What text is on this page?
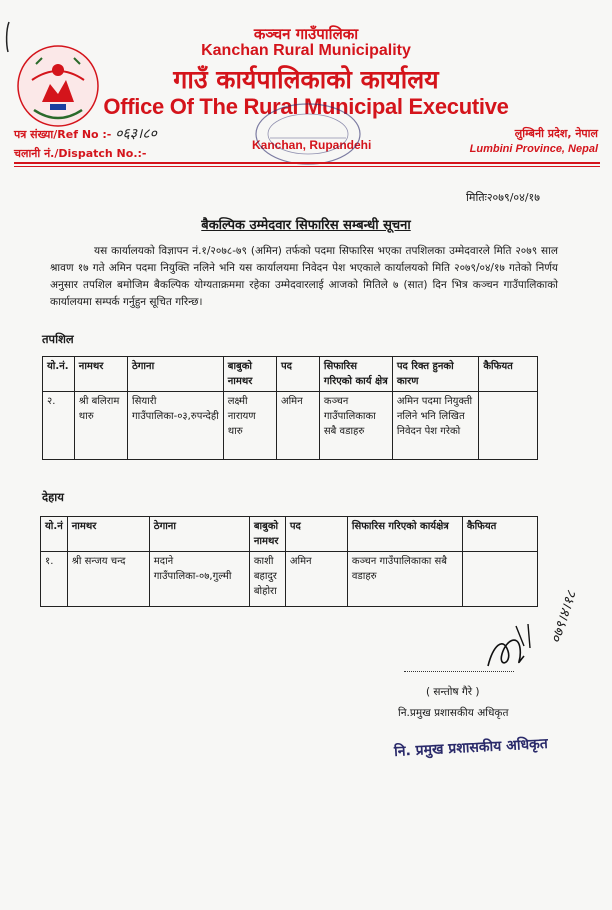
कञ्चन गाउँपालिका
Kanchan Rural Municipality
गाउँ कार्यपालिकाको कार्यालय
Office Of The Rural Municipal Executive
पत्र संख्या/Ref No :- ०६३।८०
चलानी नं./Dispatch No.:-
लुम्बिनी प्रदेश, नेपाल
Lumbini Province, Nepal
Kanchan, Rupandehi
मितिः२०७९/०४/१७
बैकल्पिक उम्मेदवार सिफारिस सम्बन्धी सूचना
यस कार्यालयको विज्ञापन नं.१/२०७८-७९ (अमिन) तर्फको पदमा सिफारिस भएका तपशिलका उम्मेदवारले मिति २०७९ साल श्रावण १७ गते अमिन पदमा नियुक्ति नलिने भनि यस कार्यालयमा निवेदन पेश भएकाले कार्यालयको मिति २०७९/०४/१७ गतेको निर्णय अनुसार तपशिल बमोजिम बैकल्पिक योग्यताक्रममा रहेका उम्मेदवारलाई आजको मितिले ७ (सात) दिन भित्र कञ्चन गाउँपालिकाको कार्यालयमा सम्पर्क गर्नुहुन सूचित गरिन्छ।
तपशिल
यो.नं.	नामथर	ठेगाना	बाबुको नामथर	पद	सिफारिस गरिएको कार्य क्षेत्र	पद रिक्त हुनको कारण	कैफियत
२.	श्री बलिराम थारु	सियारी गाउँपालिका-०३,रुपन्देही	लक्ष्मी नारायण थारु	अमिन	कञ्चन गाउँपालिकाका सबै वडाहरु	अमिन पदमा नियुक्ती नलिने भनि लिखित निवेदन पेश गरेको	
देहाय
यो.नं	नामथर	ठेगाना	बाबुको नामथर	पद	सिफारिस गरिएको कार्यक्षेत्र	कैफियत
१.	श्री सन्जय चन्द	मदाने गाउँपालिका-०७,गुल्मी	काशी बहादुर बोहोरा	अमिन	कञ्चन गाउँपालिकाका सबै वडाहरु	
०७९।४।१८
( सन्तोष गैरे )
नि.प्रमुख प्रशासकीय अधिकृत
नि. प्रमुख प्रशासकीय अधिकृत
